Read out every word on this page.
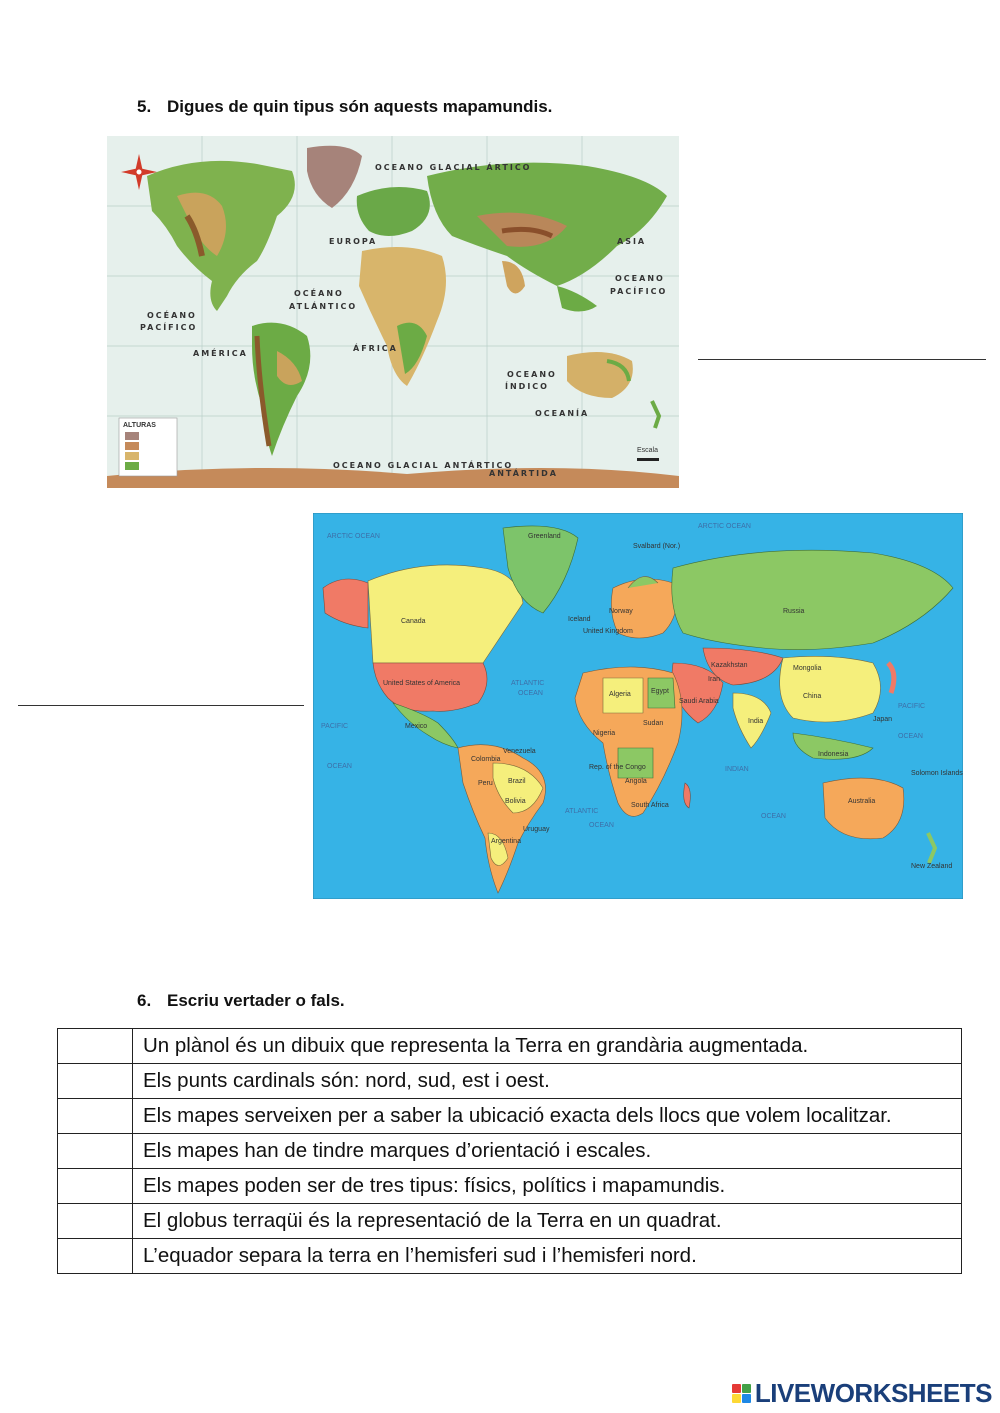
5. Digues de quin tipus són aquests mapamundis.
ALTURAS
Escala
OCEANO GLACIAL ÁRTICO
EUROPA	ASIA
OCEANO
PACÍFICO
OCÉANO
ATLÁNTICO
OCÉANO
PACÍFICO
AMÉRICA
ÁFRICA
OCEANO
ÍNDICO
OCEANÍA
OCEANO GLACIAL ANTÁRTICO
ANTÁRTIDA
ARCTIC OCEAN
ARCTIC OCEAN
Greenland
Svalbard (Nor.)
Canada
Russia
Norway
Iceland
United Kingdom
United States of America
Kazakhstan	Mongolia
China
Japan
India
ATLANTIC
OCEAN
PACIFIC
OCEAN
PACIFIC
OCEAN
ATLANTIC
OCEAN
INDIAN
OCEAN
Mexico
Brazil
Peru
Bolivia
Argentina
Uruguay
Colombia
Venezuela
Algeria	Egypt
Sudan
Nigeria
Rep. of the Congo
Angola
South Africa
Saudi Arabia
Iran
Australia
Indonesia
New Zealand
Solomon Islands
6. Escriu vertader o fals.
	Un plànol és un dibuix que representa la Terra en grandària augmentada.
	Els punts cardinals són: nord, sud, est i oest.
	Els mapes serveixen per a saber la ubicació exacta dels llocs que volem localitzar.
	Els mapes han de tindre marques d’orientació i escales.
	Els mapes poden ser de tres tipus: físics, polítics i mapamundis.
	El globus terraqüi és la representació de la Terra en un quadrat.
	L’equador separa la terra en l’hemisferi sud i l’hemisferi nord.
LIVEWORKSHEETS
